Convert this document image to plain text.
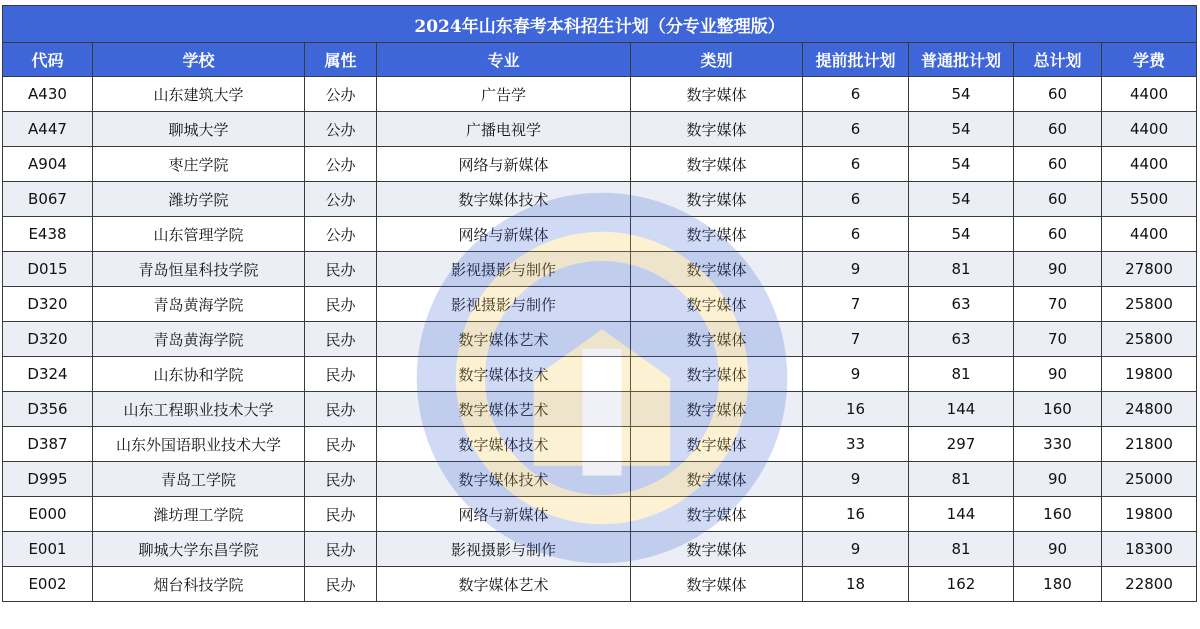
2024年山东春考本科招生计划（分专业整理版）								
代码	学校	属性	专业	类别	提前批计划	普通批计划	总计划	学费
A430	山东建筑大学	公办	广告学	数字媒体	6	54	60	4400
A447	聊城大学	公办	广播电视学	数字媒体	6	54	60	4400
A904	枣庄学院	公办	网络与新媒体	数字媒体	6	54	60	4400
B067	潍坊学院	公办	数字媒体技术	数字媒体	6	54	60	5500
E438	山东管理学院	公办	网络与新媒体	数字媒体	6	54	60	4400
D015	青岛恒星科技学院	民办	影视摄影与制作	数字媒体	9	81	90	27800
D320	青岛黄海学院	民办	影视摄影与制作	数字媒体	7	63	70	25800
D320	青岛黄海学院	民办	数字媒体艺术	数字媒体	7	63	70	25800
D324	山东协和学院	民办	数字媒体技术	数字媒体	9	81	90	19800
D356	山东工程职业技术大学	民办	数字媒体艺术	数字媒体	16	144	160	24800
D387	山东外国语职业技术大学	民办	数字媒体技术	数字媒体	33	297	330	21800
D995	青岛工学院	民办	数字媒体技术	数字媒体	9	81	90	25000
E000	潍坊理工学院	民办	网络与新媒体	数字媒体	16	144	160	19800
E001	聊城大学东昌学院	民办	影视摄影与制作	数字媒体	9	81	90	18300
E002	烟台科技学院	民办	数字媒体艺术	数字媒体	18	162	180	22800
